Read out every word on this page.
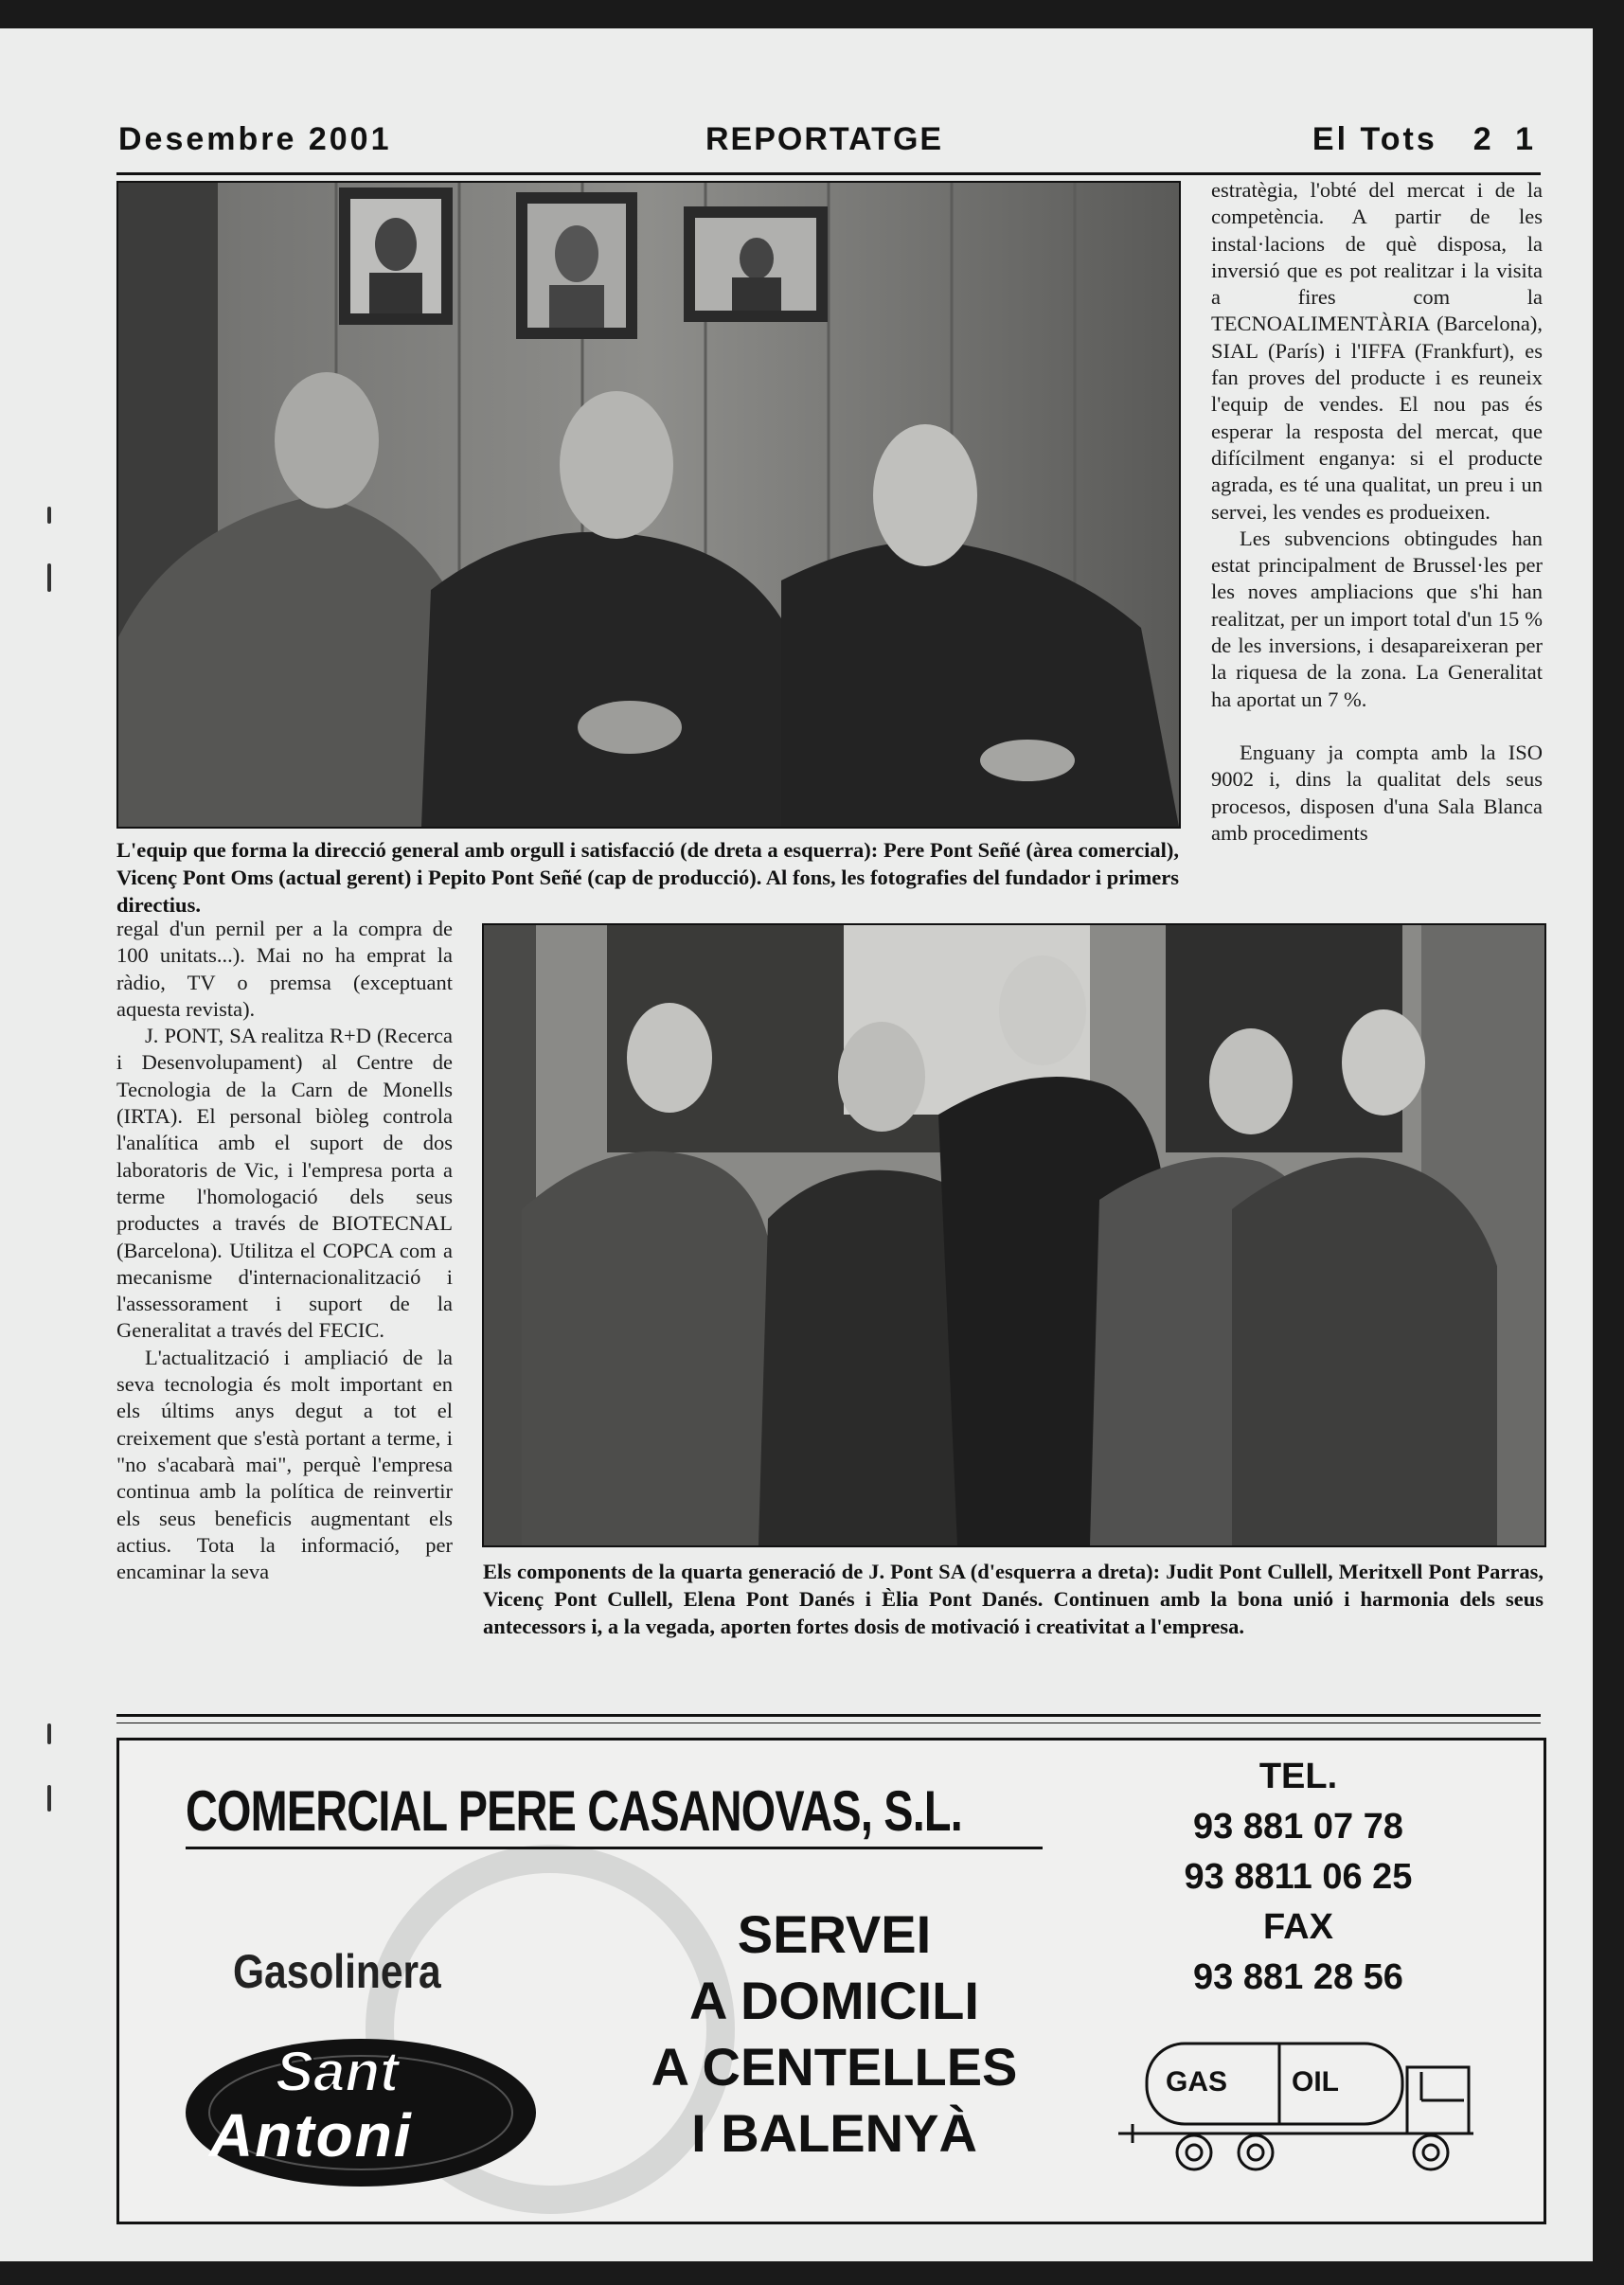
Desembre 2001	REPORTATGE	El Tots 2 1

L'equip que forma la direcció general amb orgull i satisfacció (de dreta a esquerra): Pere Pont Señé (àrea comercial), Vicenç Pont Oms (actual gerent) i Pepito Pont Señé (cap de producció). Al fons, les fotografies del fundador i primers directius.

estratègia, l'obté del mercat i de la competència. A partir de les instal·lacions de què disposa, la inversió que es pot realitzar i la visita a fires com la TECNOALIMENTÀRIA (Barcelona), SIAL (París) i l'IFFA (Frankfurt), es fan proves del producte i es reuneix l'equip de vendes. El nou pas és esperar la resposta del mercat, que difícilment enganya: si el producte agrada, es té una qualitat, un preu i un servei, les vendes es produeixen.

Les subvencions obtingudes han estat principalment de Brussel·les per les noves ampliacions que s'hi han realitzat, per un import total d'un 15 % de les inversions, i desapareixeran per la riquesa de la zona. La Generalitat ha aportat un 7 %.

Enguany ja compta amb la ISO 9002 i, dins la qualitat dels seus procesos, disposen d'una Sala Blanca amb procediments

regal d'un pernil per a la compra de 100 unitats...). Mai no ha emprat la ràdio, TV o premsa (exceptuant aquesta revista).

J. PONT, SA realitza R+D (Recerca i Desenvolupament) al Centre de Tecnologia de la Carn de Monells (IRTA). El personal biòleg controla l'analítica amb el suport de dos laboratoris de Vic, i l'empresa porta a terme l'homologació dels seus productes a través de BIOTECNAL (Barcelona). Utilitza el COPCA com a mecanisme d'internacionalització i l'assessorament i suport de la Generalitat a través del FECIC.

L'actualització i ampliació de la seva tecnologia és molt important en els últims anys degut a tot el creixement que s'està portant a terme, i "no s'acabarà mai", perquè l'empresa continua amb la política de reinvertir els seus beneficis augmentant els actius. Tota la informació, per encaminar la seva	Els components de la quarta generació de J. Pont SA (d'esquerra a dreta): Judit Pont Cullell, Meritxell Pont Parras, Vicenç Pont Cullell, Elena Pont Danés i Èlia Pont Danés. Continuen amb la bona unió i harmonia dels seus antecessors i, a la vegada, aporten fortes dosis de motivació i creativitat a l'empresa.

COMERCIAL PERE CASANOVAS, S.L.
Gasolinera
Sant
Antoni
SERVEI
A DOMICILI
A CENTELLES
I BALENYÀ
TEL.
93 881 07 78
93 8811 06 25
FAX
93 881 28 56
GAS OIL
